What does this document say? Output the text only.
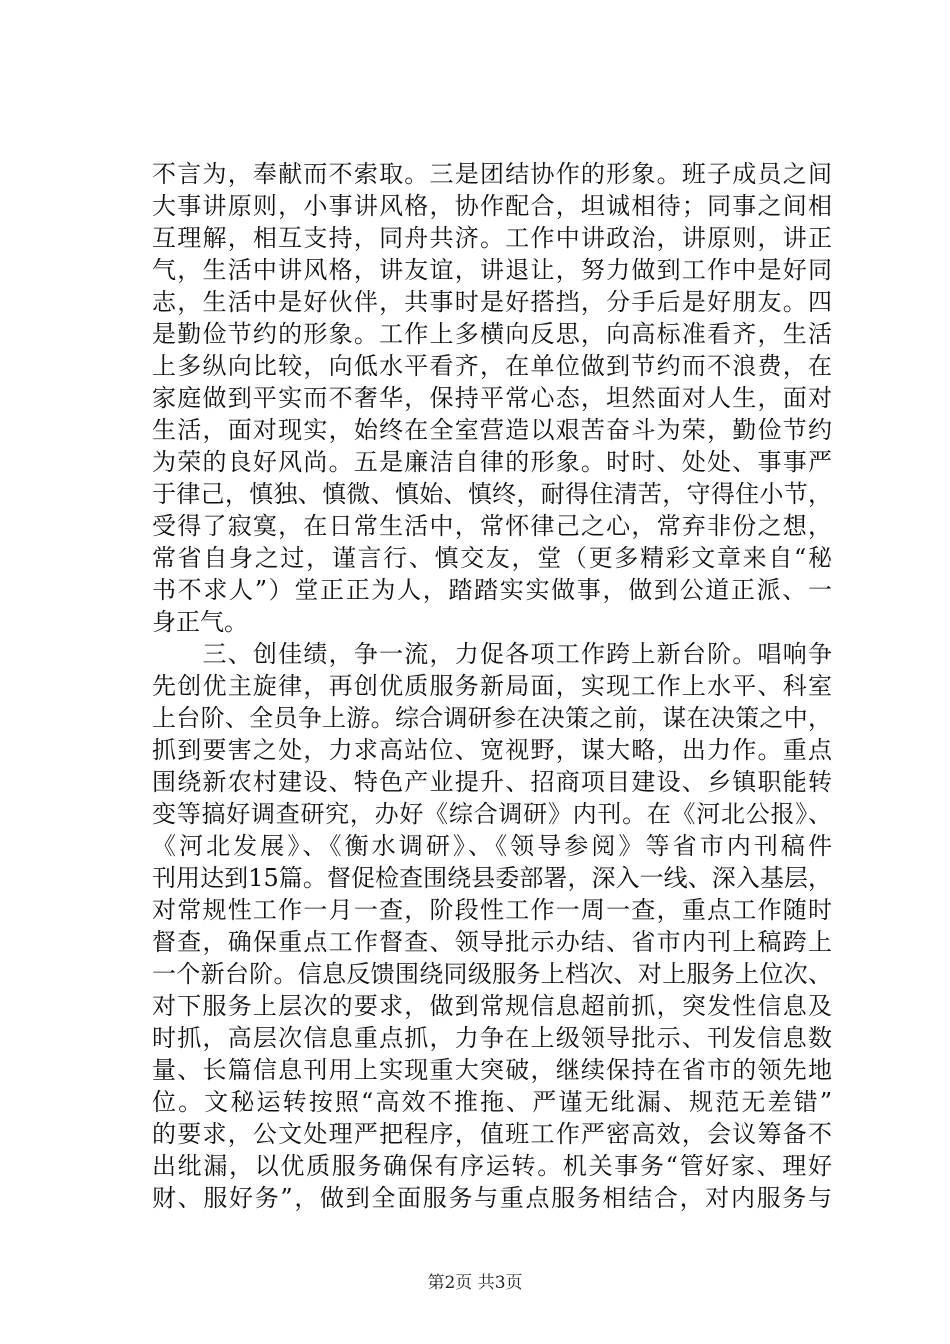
不言为，奉献而不索取。三是团结协作的形象。班子成员之间
大事讲原则，小事讲风格，协作配合，坦诚相待；同事之间相
互理解，相互支持，同舟共济。工作中讲政治，讲原则，讲正
气，生活中讲风格，讲友谊，讲退让，努力做到工作中是好同
志，生活中是好伙伴，共事时是好搭挡，分手后是好朋友。四
是勤俭节约的形象。工作上多横向反思，向高标准看齐，生活
上多纵向比较，向低水平看齐，在单位做到节约而不浪费，在
家庭做到平实而不奢华，保持平常心态，坦然面对人生，面对
生活，面对现实，始终在全室营造以艰苦奋斗为荣，勤俭节约
为荣的良好风尚。五是廉洁自律的形象。时时、处处、事事严
于律己，慎独、慎微、慎始、慎终，耐得住清苦，守得住小节，
受得了寂寞，在日常生活中，常怀律己之心，常弃非份之想，
常省自身之过，谨言行、慎交友，堂（更多精彩文章来自“秘
书不求人”）堂正正为人，踏踏实实做事，做到公道正派、一
身正气。
　　三、创佳绩，争一流，力促各项工作跨上新台阶。唱响争
先创优主旋律，再创优质服务新局面，实现工作上水平、科室
上台阶、全员争上游。综合调研参在决策之前，谋在决策之中，
抓到要害之处，力求高站位、宽视野，谋大略，出力作。重点
围绕新农村建设、特色产业提升、招商项目建设、乡镇职能转
变等搞好调查研究，办好《综合调研》内刊。在《河北公报》、
《河北发展》、《衡水调研》、《领导参阅》等省市内刊稿件
刊用达到15篇。督促检查围绕县委部署，深入一线、深入基层，
对常规性工作一月一查，阶段性工作一周一查，重点工作随时
督查，确保重点工作督查、领导批示办结、省市内刊上稿跨上
一个新台阶。信息反馈围绕同级服务上档次、对上服务上位次、
对下服务上层次的要求，做到常规信息超前抓，突发性信息及
时抓，高层次信息重点抓，力争在上级领导批示、刊发信息数
量、长篇信息刊用上实现重大突破，继续保持在省市的领先地
位。文秘运转按照“高效不推拖、严谨无纰漏、规范无差错”
的要求，公文处理严把程序，值班工作严密高效，会议筹备不
出纰漏，以优质服务确保有序运转。机关事务“管好家、理好
财、服好务”，做到全面服务与重点服务相结合，对内服务与
第2页 共3页
